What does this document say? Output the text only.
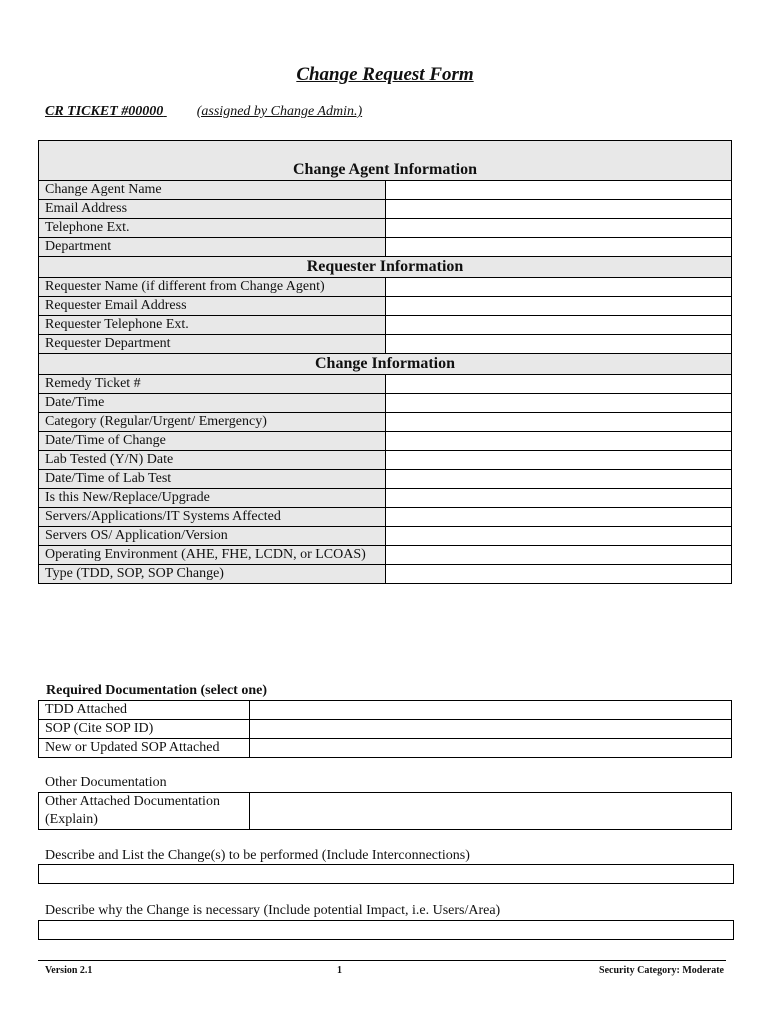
Change Request Form
CR TICKET #00000 (assigned by Change Admin.)
Change Agent Information	
Change Agent Name	
Email Address	
Telephone Ext.	
Department	
Requester Information	
Requester Name (if different from Change Agent)	
Requester Email Address	
Requester Telephone Ext.	
Requester Department	
Change Information	
Remedy Ticket #	
Date/Time	
Category (Regular/Urgent/ Emergency)	
Date/Time of Change	
Lab Tested (Y/N) Date	
Date/Time of Lab Test	
Is this New/Replace/Upgrade	
Servers/Applications/IT Systems Affected	
Servers OS/ Application/Version	
Operating Environment (AHE, FHE, LCDN, or LCOAS)	
Type (TDD, SOP, SOP Change)	
Required Documentation (select one)
TDD Attached	
SOP (Cite SOP ID)	
New or Updated SOP Attached	
Other Documentation
Other Attached Documentation (Explain)	
Describe and List the Change(s) to be performed (Include Interconnections)
Describe why the Change is necessary (Include potential Impact, i.e. Users/Area)
Version 2.1	1	Security Category: Moderate
